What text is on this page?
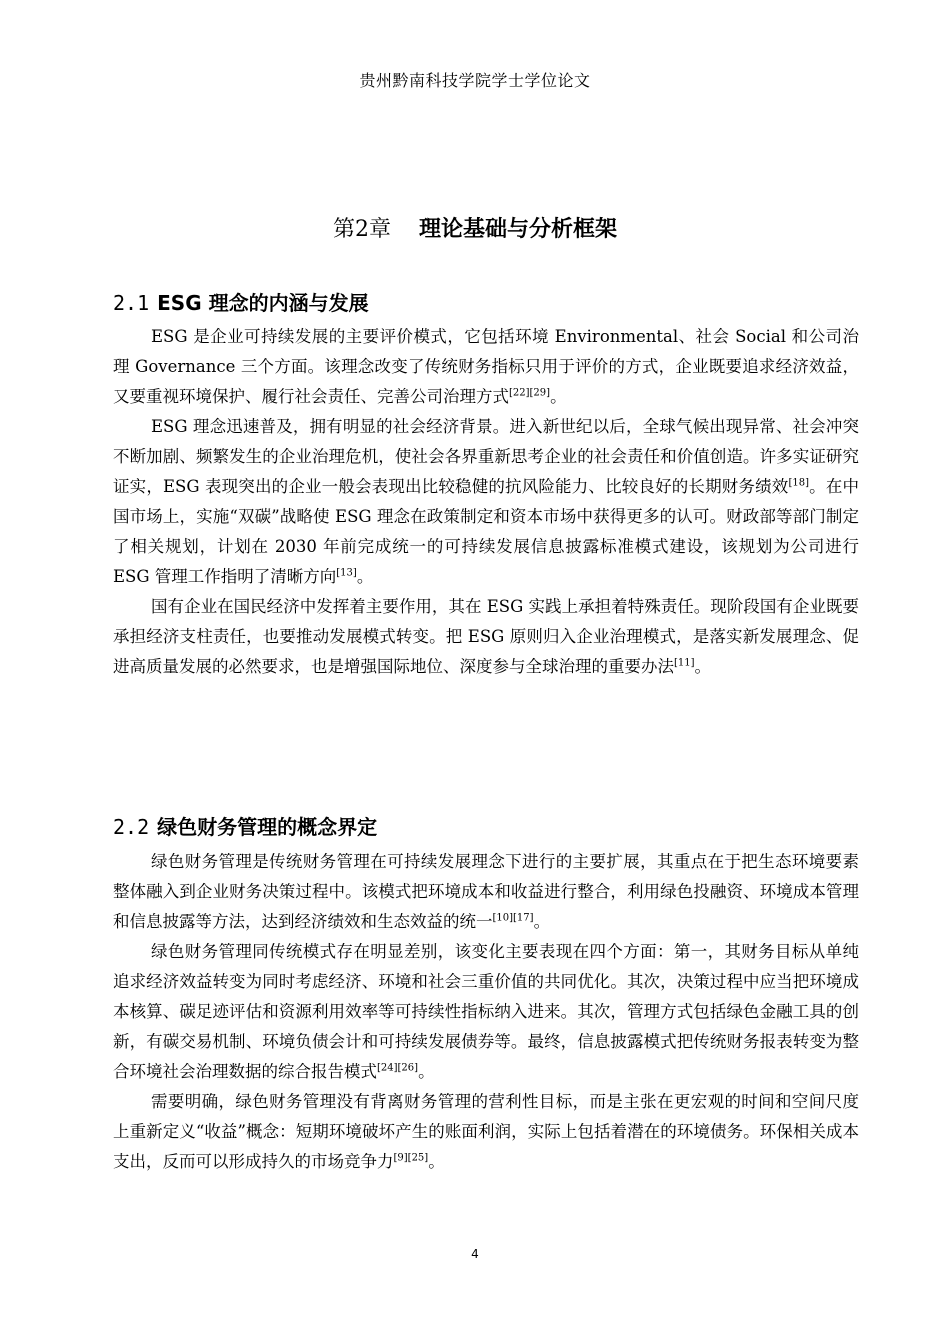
贵州黔南科技学院学士学位论文
第2章 理论基础与分析框架
2.1 ESG 理念的内涵与发展

ESG 是企业可持续发展的主要评价模式，它包括环境 Environmental、社会 Social 和公司治理 Governance 三个方面。该理念改变了传统财务指标只用于评价的方式，企业既要追求经济效益，又要重视环境保护、履行社会责任、完善公司治理方式[22][29]。

ESG 理念迅速普及，拥有明显的社会经济背景。进入新世纪以后，全球气候出现异常、社会冲突不断加剧、频繁发生的企业治理危机，使社会各界重新思考企业的社会责任和价值创造。许多实证研究证实，ESG 表现突出的企业一般会表现出比较稳健的抗风险能力、比较良好的长期财务绩效[18]。在中国市场上，实施“双碳”战略使 ESG 理念在政策制定和资本市场中获得更多的认可。财政部等部门制定了相关规划，计划在 2030 年前完成统一的可持续发展信息披露标准模式建设，该规划为公司进行 ESG 管理工作指明了清晰方向[13]。

国有企业在国民经济中发挥着主要作用，其在 ESG 实践上承担着特殊责任。现阶段国有企业既要承担经济支柱责任，也要推动发展模式转变。把 ESG 原则归入企业治理模式，是落实新发展理念、促进高质量发展的必然要求，也是增强国际地位、深度参与全球治理的重要办法[11]。

2.2 绿色财务管理的概念界定

绿色财务管理是传统财务管理在可持续发展理念下进行的主要扩展，其重点在于把生态环境要素整体融入到企业财务决策过程中。该模式把环境成本和收益进行整合，利用绿色投融资、环境成本管理和信息披露等方法，达到经济绩效和生态效益的统一[10][17]。

绿色财务管理同传统模式存在明显差别，该变化主要表现在四个方面：第一，其财务目标从单纯追求经济效益转变为同时考虑经济、环境和社会三重价值的共同优化。其次，决策过程中应当把环境成本核算、碳足迹评估和资源利用效率等可持续性指标纳入进来。其次，管理方式包括绿色金融工具的创新，有碳交易机制、环境负债会计和可持续发展债券等。最终，信息披露模式把传统财务报表转变为整合环境社会治理数据的综合报告模式[24][26]。

需要明确，绿色财务管理没有背离财务管理的营利性目标，而是主张在更宏观的时间和空间尺度上重新定义“收益”概念：短期环境破坏产生的账面利润，实际上包括着潜在的环境债务。环保相关成本支出，反而可以形成持久的市场竞争力[9][25]。

4
